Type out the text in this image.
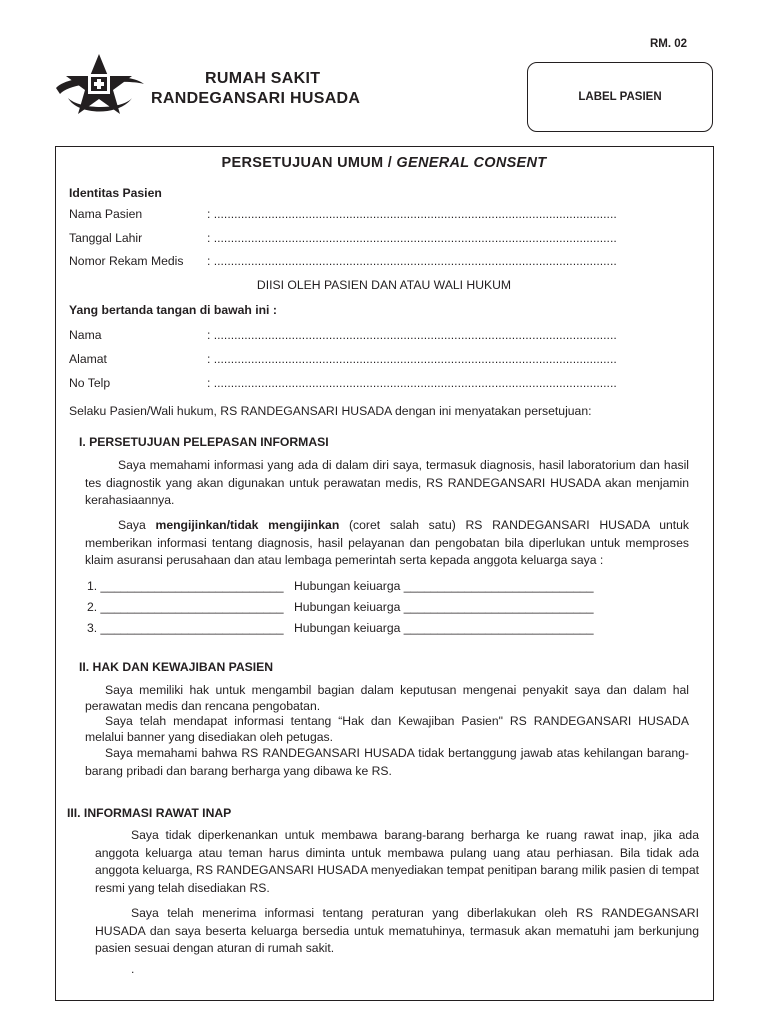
RM. 02
RUMAH SAKIT
RANDEGANSARI HUSADA	LABEL PASIEN
PERSETUJUAN UMUM / GENERAL CONSENT
Identitas Pasien
Nama Pasien	: .......................................................................................................................
Tanggal Lahir	: .......................................................................................................................
Nomor Rekam Medis : .......................................................................................................................
DIISI OLEH PASIEN DAN ATAU WALI HUKUM
Yang bertanda tangan di bawah ini :
Nama	: .......................................................................................................................
Alamat	: .......................................................................................................................
No Telp	: .......................................................................................................................
Selaku Pasien/Wali hukum, RS RANDEGANSARI HUSADA dengan ini menyatakan persetujuan:
I. PERSETUJUAN PELEPASAN INFORMASI
Saya memahami informasi yang ada di dalam diri saya, termasuk diagnosis, hasil laboratorium dan hasil tes diagnostik yang akan digunakan untuk perawatan medis, RS RANDEGANSARI HUSADA akan menjamin kerahasiaannya.
Saya mengijinkan/tidak mengijinkan (coret salah satu) RS RANDEGANSARI HUSADA untuk memberikan informasi tentang diagnosis, hasil pelayanan dan pengobatan bila diperlukan untuk memproses klaim asuransi perusahaan dan atau lembaga pemerintah serta kepada anggota keluarga saya :
1. ___________________________ Hubungan keiuarga ____________________________
2. ___________________________ Hubungan keiuarga ____________________________
3. ___________________________ Hubungan keiuarga ____________________________
II. HAK DAN KEWAJIBAN PASIEN
Saya memiliki hak untuk mengambil bagian dalam keputusan mengenai penyakit saya dan dalam hal perawatan medis dan rencana pengobatan.
Saya telah mendapat informasi tentang “Hak dan Kewajiban Pasien" RS RANDEGANSARI HUSADA melalui banner yang disediakan oleh petugas.
Saya memahami bahwa RS RANDEGANSARI HUSADA tidak bertanggung jawab atas kehilangan barang- barang pribadi dan barang berharga yang dibawa ke RS.
III. INFORMASI RAWAT INAP
Saya tidak diperkenankan untuk membawa barang-barang berharga ke ruang rawat inap, jika ada anggota keluarga atau teman harus diminta untuk membawa pulang uang atau perhiasan. Bila tidak ada anggota keluarga, RS RANDEGANSARI HUSADA menyediakan tempat penitipan barang milik pasien di tempat resmi yang telah disediakan RS.
Saya telah menerima informasi tentang peraturan yang diberlakukan oleh RS RANDEGANSARI HUSADA dan saya beserta keluarga bersedia untuk mematuhinya, termasuk akan mematuhi jam berkunjung pasien sesuai dengan aturan di rumah sakit.
.
